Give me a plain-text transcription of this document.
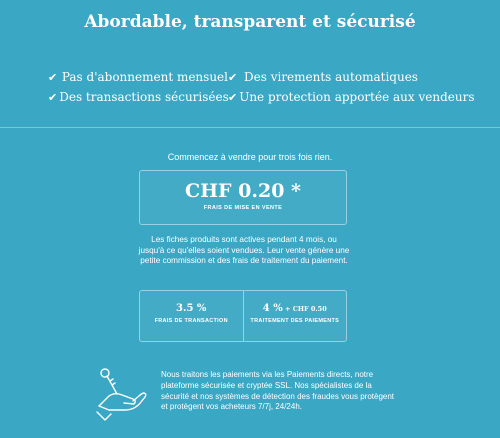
Abordable, transparent et sécurisé
✔ Pas d'abonnement mensuel ✔ Des virements automatiques
✔ Des transactions sécurisées ✔ Une protection apportée aux vendeurs
Commencez à vendre pour trois fois rien.
CHF 0.20 *
FRAIS DE MISE EN VENTE
Les fiches produits sont actives pendant 4 mois, ou jusqu'à ce qu'elles soient vendues. Leur vente génère une petite commission et des frais de traitement du paiement.
3.5 %
FRAIS DE TRANSACTION
4 % + CHF 0.50
TRAITEMENT DES PAIEMENTS
Nous traitons les paiements via les Paiements directs, notre plateforme sécurisée et cryptée SSL. Nos spécialistes de la sécurité et nos systèmes de détection des fraudes vous protègent et protègent vos acheteurs 7/7j, 24/24h.
